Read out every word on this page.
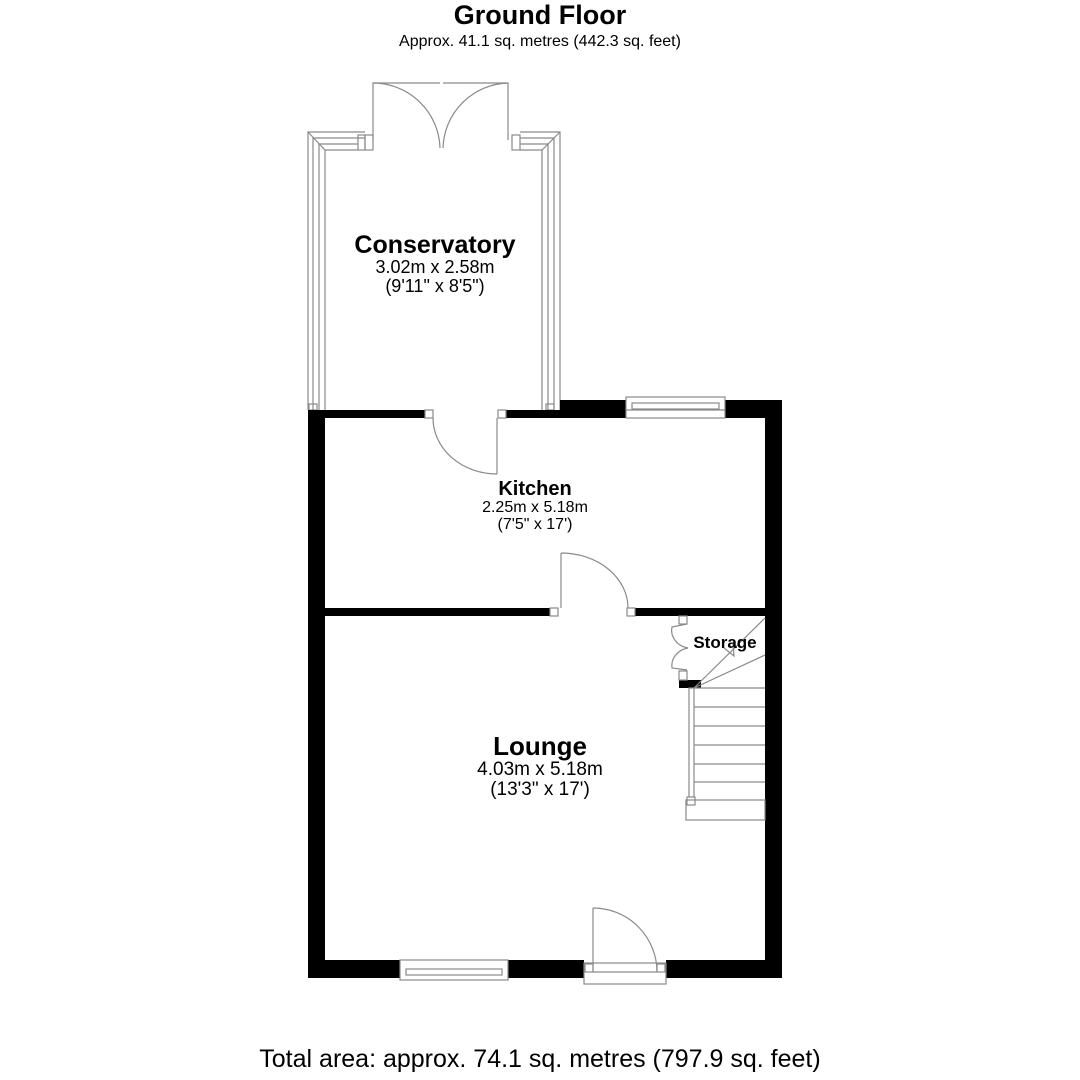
Ground Floor
Approx. 41.1 sq. metres (442.3 sq. feet)
Conservatory
3.02m x 2.58m
(9'11" x 8'5")
Kitchen
2.25m x 5.18m
(7'5" x 17')
Storage
Lounge
4.03m x 5.18m
(13'3" x 17')
Total area: approx. 74.1 sq. metres (797.9 sq. feet)
